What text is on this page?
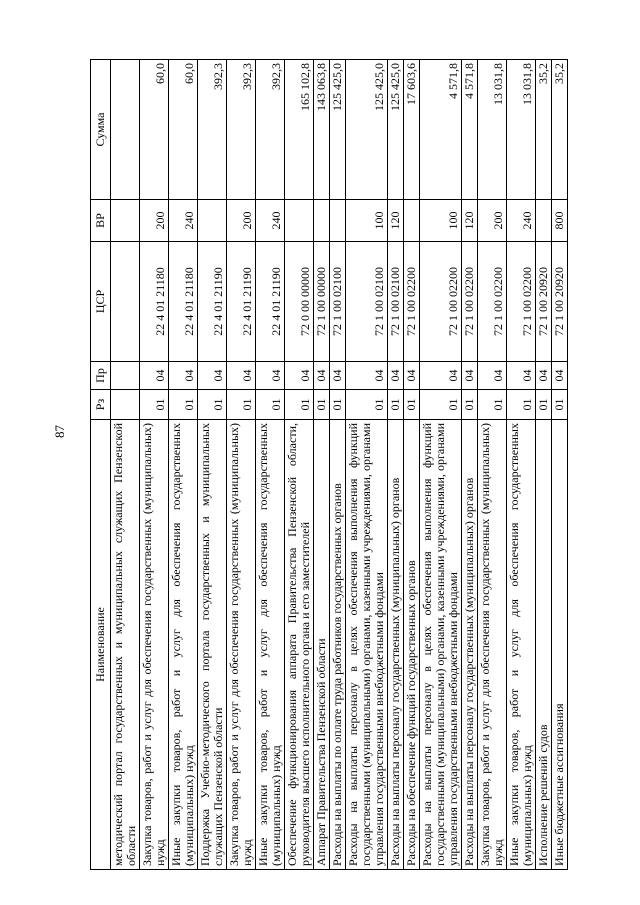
87
Наименование	Рз	Пр	ЦСР	ВР	Сумма
методический портал государственных и муниципальных служащих Пензенской области					
Закупка товаров, работ и услуг для обеспечения государственных (муниципальных) нужд	01	04	22 4 01 21180	200	60,0
Иные закупки товаров, работ и услуг для обеспечения государственных (муниципальных) нужд	01	04	22 4 01 21180	240	60,0
Поддержка Учебно-методического портала государственных и муниципальных служащих Пензенской области	01	04	22 4 01 21190		392,3
Закупка товаров, работ и услуг для обеспечения государственных (муниципальных) нужд	01	04	22 4 01 21190	200	392,3
Иные закупки товаров, работ и услуг для обеспечения государственных (муниципальных) нужд	01	04	22 4 01 21190	240	392,3
Обеспечение функционирования аппарата Правительства Пензенской области, руководителя высшего исполнительного органа и его заместителей	01	04	72 0 00 00000		165 102,8
Аппарат Правительства Пензенской области	01	04	72 1 00 00000		143 063,8
Расходы на выплаты по оплате труда работников государственных органов	01	04	72 1 00 02100		125 425,0
Расходы на выплаты персоналу в целях обеспечения выполнения функций государственными (муниципальными) органами, казенными учреждениями, органами управления государственными внебюджетными фондами	01	04	72 1 00 02100	100	125 425,0
Расходы на выплаты персоналу государственных (муниципальных) органов	01	04	72 1 00 02100	120	125 425,0
Расходы на обеспечение функций государственных органов	01	04	72 1 00 02200		17 603,6
Расходы на выплаты персоналу в целях обеспечения выполнения функций государственными (муниципальными) органами, казенными учреждениями, органами управления государственными внебюджетными фондами	01	04	72 1 00 02200	100	4 571,8
Расходы на выплаты персоналу государственных (муниципальных) органов	01	04	72 1 00 02200	120	4 571,8
Закупка товаров, работ и услуг для обеспечения государственных (муниципальных) нужд	01	04	72 1 00 02200	200	13 031,8
Иные закупки товаров, работ и услуг для обеспечения государственных (муниципальных) нужд	01	04	72 1 00 02200	240	13 031,8
Исполнение решений судов	01	04	72 1 00 20920		35,2
Иные бюджетные ассигнования	01	04	72 1 00 20920	800	35,2
